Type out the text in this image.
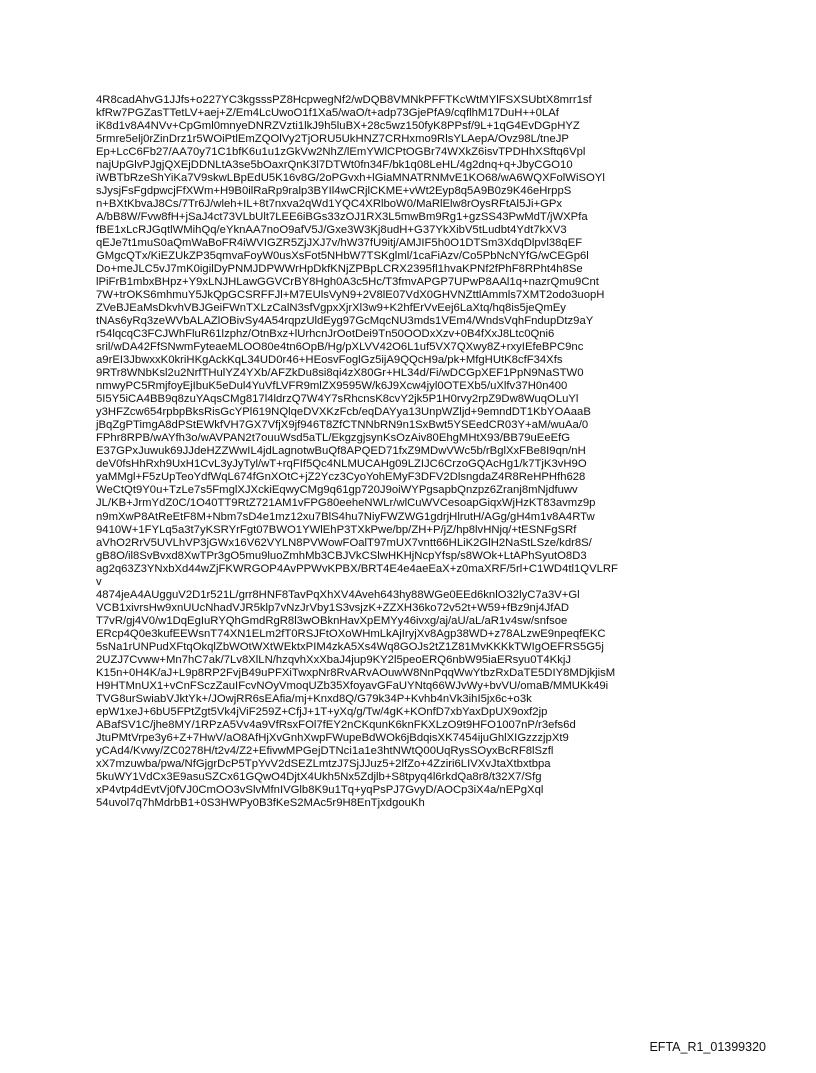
4R8cadAhvG1JJfs+o227YC3kgsssPZ8HcpwegNf2/wDQB8VMNkPFFTKcWtMYlFSXSUbtX8mrr1sf
kfRw7PGZasTTetLV+aej+Z/Em4LcUwoO1f1Xa5/waO/t+adp73GjePfA9/cqflhM17DuH++0LAf
iK8d1v8A4NVv+CpGml0mnyeDNRZVzti1lkJ9h5luBX+28c5wz150fyK8PPsf/9L+1qG4EvDGpHYZ
5rmre5elj0rZinDrz1r5WOiPtlEmZQOlVy2TjORU5UkHNZ7CRHxmo9RlsYLAepA/Ovz98L/tneJP
Ep+LcC6Fb27/AA70y71C1bfK6u1u1zGkVw2NhZ/lEmYWlCPtOGBr74WXkZ6isvTPDHhXSftq6Vpl
najUpGlvPJgjQXEjDDNLtA3se5bOaxrQnK3l7DTWt0fn34F/bk1q08LeHL/4g2dnq+q+JbyCGO10
iWBTbRzeShYiKa7V9skwLBpEdU5K16v8G/2oPGvxh+lGiaMNATRNMvE1KO68/wA6WQXFolWiSOYl
sJysjFsFgdpwcjFfXWm+H9B0ilRaRp9ralp3BYIl4wCRjlCKME+vWt2Eyp8q5A9B0z9K46eHrppS
n+BXtKbvaJ8Cs/7Tr6J/wleh+IL+8t7nxva2qWd1YQC4XRlboW0/MaRlElw8rOysRFtAl5Ji+GPx
A/bB8W/Fvw8fH+jSaJ4ct73VLbUlt7LEE6iBGs33zOJ1RX3L5mwBm9Rg1+gzSS43PwMdT/jWXPfa
fBE1xLcRJGqtlWMihQq/eYknAA7noO9afV5J/Gxe3W3Kj8udH+G37YkXibV5tLudbt4Ydt7kXV3
qEJe7t1muS0aQmWaBoFR4iWVIGZR5ZjJXJ7v/hW37fU9itj/AMJIF5h0O1DTSm3XdqDlpvl38qEF
GMgcQTx/KiEZUkZP35qmvaFoyW0usXsFot5NHbW7TSKglml/1caFiAzv/Co5PbNcNYfG/wCEGp6l
Do+meJLC5vJ7mK0igilDyPNMJDPWWrHpDkfKNjZPBpLCRX2395fl1hvaKPNf2fPhF8RPht4h8Se
lPiFrB1mbxBHpz+Y9xLNJHLawGGVCrBY8Hgh0A3c5Hc/T3fmvAPGP7UPwP8AAl1q+nazrQmu9Cnt
7W+trOKS6mhmuY5JkQpGCSRFFJl+M7EUlsVyN9+2V8lE07VdX0GHVNZttlAmmls7XMT2odo3uopH
ZVeBJEaMsDkvhVBJGeiFWnTXLzCalN3sfVgpxXjrXl3w9+K2hfErVvEej6LaXtq/hq8is5jeQmEy
tNAs6yRq3zeWVbALAZlOBivSy4A54rqpzUldEyg97GcMqcNU3mds1VEm4/WndsVqhFndupDtz9aY
r54lqcqC3FCJWhFluR61lzphz/OtnBxz+lUrhcnJrOotDei9Tn50OODxXzv+0B4fXxJ8Ltc0Qni6
sril/wDA42FfSNwmFyteaeMLOO80e4tn6OpB/Hg/pXLVV42O6L1uf5VX7QXwy8Z+rxyIEfeBPC9nc
a9rEI3JbwxxK0kriHKgAckKqL34UD0r46+HEosvFoglGz5ijA9QQcH9a/pk+MfgHUtK8cfF34Xfs
9RTr8WNbKsl2u2NrfTHulYZ4YXb/AFZkDu8si8qi4zX80Gr+HL34d/Fi/wDCGpXEF1PpN9NaSTW0
nmwyPC5RmjfoyEjIbuK5eDul4YuVfLVFR9mlZX9595W/k6J9Xcw4jyl0OTEXb5/uXlfv37H0n400
5I5Y5iCA4BB9q8zuYAqsCMg817l4ldrzQ7W4Y7sRhcnsK8cvY2jk5P1H0rvy2rpZ9Dw8WuqOLuYl
y3HFZcw654rpbpBksRisGcYPl619NQlqeDVXKzFcb/eqDAYya13UnpWZljd+9emndDT1KbYOAaaB
jBqZgPTimgA8dPStEWkfVH7GX7VfjX9jf946T8ZfCTNNbRN9n1SxBwt5YSEedCR03Y+aM/wuAa/0
FPhr8RPB/wAYfh3o/wAVPAN2t7ouuWsd5aTL/EkgzgjsynKsOzAiv80EhgMHtX93/BB79uEeEfG
E37GPxJuwuk69JJdeHZZWwIL4jdLagnotwBuQf8APQED71fxZ9MDwVWc5b/rBglXxFBe8I9qn/nH
deV0fsHhRxh9UxH1CvL3yJyTyl/wT+rqFIf5Qc4NLMUCAHg09LZIJC6CrzoGQAcHg1/k7TjK3vH9O
yaMMgl+F5zUpTeoYdfWqL674fGnXOtC+jZ2Ycz3CyoYohEMyF3DFV2DlsngdaZ4R8ReHPHfh628
WeCtQt9Y0u+TzLe7s5FmglXJXckiEqwyCMg9q61gp720J9oiWYPgsapbQnzpz6Zranj8mNjdfuwv
JL/KB+JrmYdZ0C/1O40TT9RtZ721AM1vFPG80eeheNWLr/wlCuWVCesoapGiqxWjHzKT83avmz9p
n9mXwP8AtReEtF8M+Nbm7sD4e1mz12xu7BlS4hu7NiyFWZWG1gdrjHlrutH/AGg/gH4m1v8A4RTw
9410W+1FYLq5a3t7yKSRYrFgt07BWO1YWlEhP3TXkPwe/bp/ZH+P/jZ/hp8lvHNjq/+tESNFgSRf
aVhO2RrV5UVLhVP3jGWx16V62VYLN8PVWowFOalT97mUX7vntt66HLiK2GlH2NaStLSze/kdr8S/
gB8O/il8SvBvxd8XwTPr3gO5mu9luoZmhMb3CBJVkCSlwHKHjNcpYfsp/s8WOk+LtAPhSyutO8D3
ag2q63Z3YNxbXd44wZjFKWRGOP4AvPPWvKPBX/BRT4E4e4aeEaX+z0maXRF/5rl+C1WD4tl1QVLRF
v
4874jeA4AUgguV2D1r521L/grr8HNF8TavPqXhXV4Aveh643hy88WGe0EEd6knlO32lyC7a3V+Gl
VCB1xivrsHw9xnUUcNhadVJR5klp7vNzJrVby1S3vsjzK+ZZXH36ko72v52t+W59+fBz9nj4JfAD
T7vR/gj4V0/w1DqEgIuRYQhGmdRgR8l3wOBknHavXpEMYy46ivxg/aj/aU/aL/aR1v4sw/snfsoe
ERcp4Q0e3kufEEWsnT74XN1ELm2fT0RSJFtOXoWHmLkAjIryjXv8Agp38WD+z78ALzwE9npeqfEKC
5sNa1rUNPudXFtqOkqlZbWOtWXtWEktxPIM4zkA5Xs4Wq8GOJs2tZ1Z81MvKKKkTWIgOEFRS5G5j
2UZJ7Cvww+Mn7hC7ak/7Lv8XlLN/hzqvhXxXbaJ4jup9KY2l5peoERQ6nbW95iaERsyu0T4KkjJ
K15n+0H4K/aJ+L9p8RP2FvjB49uPFXiTwxpNr8RvARvAOuwW8NnPqqWwYtbzRxDaTE5DIY8MDjkjisM
H9HTMnUX1+vCnFSczZauIFcvNOyVmoqUZb35XfoyavGFaUYNtq66WJvWy+bvVU/omaB/MMUKk49i
TVG8urSwiabVJktYk+/JOwjRR6sEAfia/mj+Knxd8Q/G79k34P+Kvhb4nVk3ihI5jx6c+o3k
epW1xeJ+6bU5FPtZgt5Vk4jViF259Z+CfjJ+1T+yXq/g/Tw/4gK+KOnfD7xbYaxDpUX9oxf2jp
ABafSV1C/jhe8MY/1RPzA5Vv4a9VfRsxFOl7fEY2nCKqunK6knFKXLzO9t9HFO1007nP/r3efs6d
JtuPMtVrpe3y6+Z+7HwV/aO8AfHjXvGnhXwpFWupeBdWOk6jBdqisXK7454ijuGhlXIGzzzjpXt9
yCAd4/Kvwy/ZC0278H/t2v4/Z2+EfivwMPGejDTNci1a1e3htNWtQ00UqRysSOyxBcRF8lSzfl
xX7mzuwba/pwa/NfGjgrDcP5TpYvV2dSEZLmtzJ7SjJJuz5+2lfZo+4Zziri6LIVXvJtaXtbxtbpa
5kuWY1VdCx3E9asuSZCx61GQwO4DjtX4Ukh5Nx5Zdjlb+S8tpyq4l6rkdQa8r8/t32X7/Sfg
xP4vtp4dEvtVj0fVJ0CmOO3vSlvMfnIVGlb8K9u1Tq+yqPsPJ7GvyD/AOCp3iX4a/nEPgXql
54uvol7q7hMdrbB1+0S3HWPy0B3fKeS2MAc5r9H8EnTjxdgouKh
EFTA_R1_01399320
